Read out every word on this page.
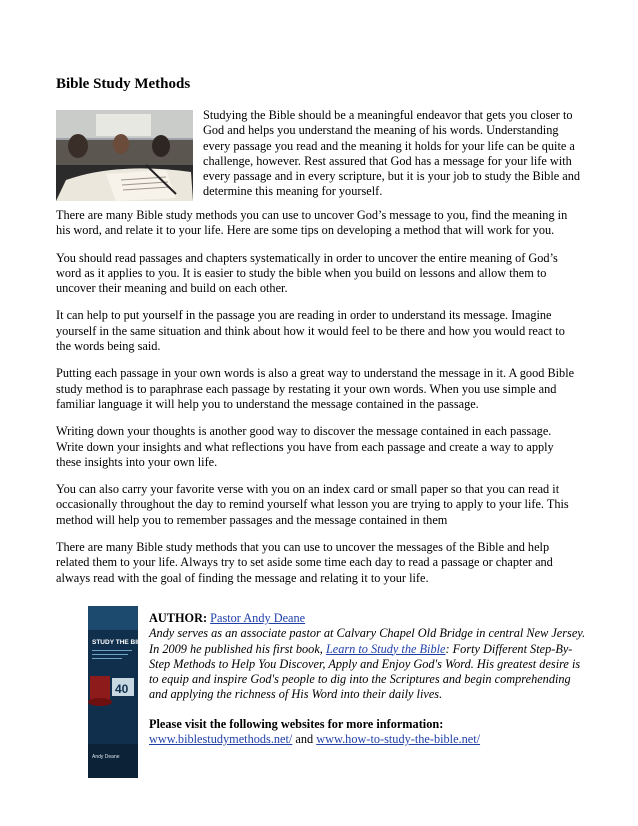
Bible Study Methods

Studying the Bible should be a meaningful endeavor that gets you closer to God and helps you understand the meaning of his words. Understanding every passage you read and the meaning it holds for your life can be quite a challenge, however. Rest assured that God has a message for your life with every passage and in every scripture, but it is your job to study the Bible and determine this meaning for yourself.

There are many Bible study methods you can use to uncover God’s message to you, find the meaning in his word, and relate it to your life. Here are some tips on developing a method that will work for you.

You should read passages and chapters systematically in order to uncover the entire meaning of God’s word as it applies to you. It is easier to study the bible when you build on lessons and allow them to uncover their meaning and build on each other.

It can help to put yourself in the passage you are reading in order to understand its message. Imagine yourself in the same situation and think about how it would feel to be there and how you would react to the words being said.

Putting each passage in your own words is also a great way to understand the message in it. A good Bible study method is to paraphrase each passage by restating it your own words. When you use simple and familiar language it will help you to understand the message contained in the passage.

Writing down your thoughts is another good way to discover the message contained in each passage. Write down your insights and what reflections you have from each passage and create a way to apply these insights into your own life.

You can also carry your favorite verse with you on an index card or small paper so that you can read it occasionally throughout the day to remind yourself what lesson you are trying to apply to your life. This method will help you to remember passages and the message contained in them

There are many Bible study methods that you can use to uncover the messages of the Bible and help related them to your life. Always try to set aside some time each day to read a passage or chapter and always read with the goal of finding the message and relating it to your life.

STUDY THE BIBLE
40
Andy Deane

AUTHOR: Pastor Andy Deane

Andy serves as an associate pastor at Calvary Chapel Old Bridge in central New Jersey. In 2009 he published his first book, Learn to Study the Bible: Forty Different Step-By-Step Methods to Help You Discover, Apply and Enjoy God's Word. His greatest desire is to equip and inspire God's people to dig into the Scriptures and begin comprehending and applying the richness of His Word into their daily lives.

Please visit the following websites for more information:

www.biblestudymethods.net/ and www.how-to-study-the-bible.net/
